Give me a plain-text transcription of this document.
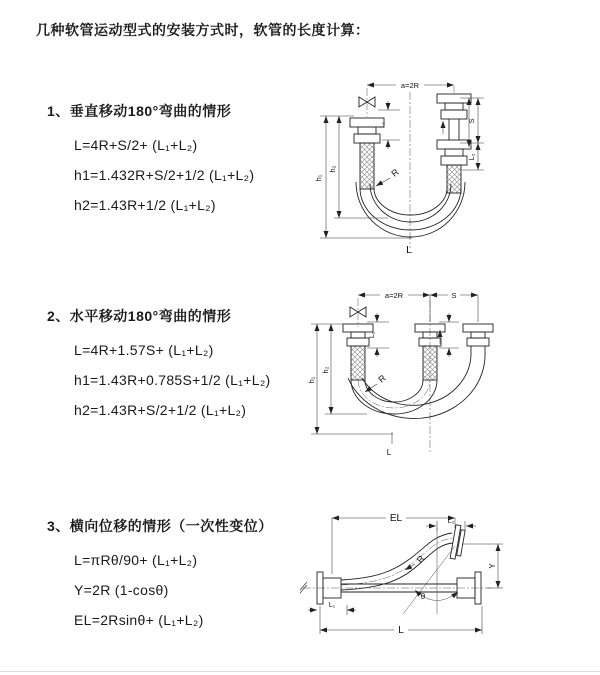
几种软管运动型式的安装方式时，软管的长度计算：
1、垂直移动180°弯曲的情形
L=4R+S/2+ (L₁+L₂)
h1=1.432R+S/2+1/2 (L₁+L₂)
h2=1.43R+1/2 (L₁+L₂)
2、水平移动180°弯曲的情形
L=4R+1.57S+ (L₁+L₂)
h1=1.43R+0.785S+1/2 (L₁+L₂)
h2=1.43R+S/2+1/2 (L₁+L₂)
3、横向位移的情形（一次性变位）
L=πRθ/90+ (L₁+L₂)
Y=2R (1-cosθ)
EL=2Rsinθ+ (L₁+L₂)
a=2R
h₁
h₂
L₁
S
L₂
R
L
a=2R	S
h₁
h₂
L₁
R
L
EL	L₂
Y
R
θ
L
L₁
